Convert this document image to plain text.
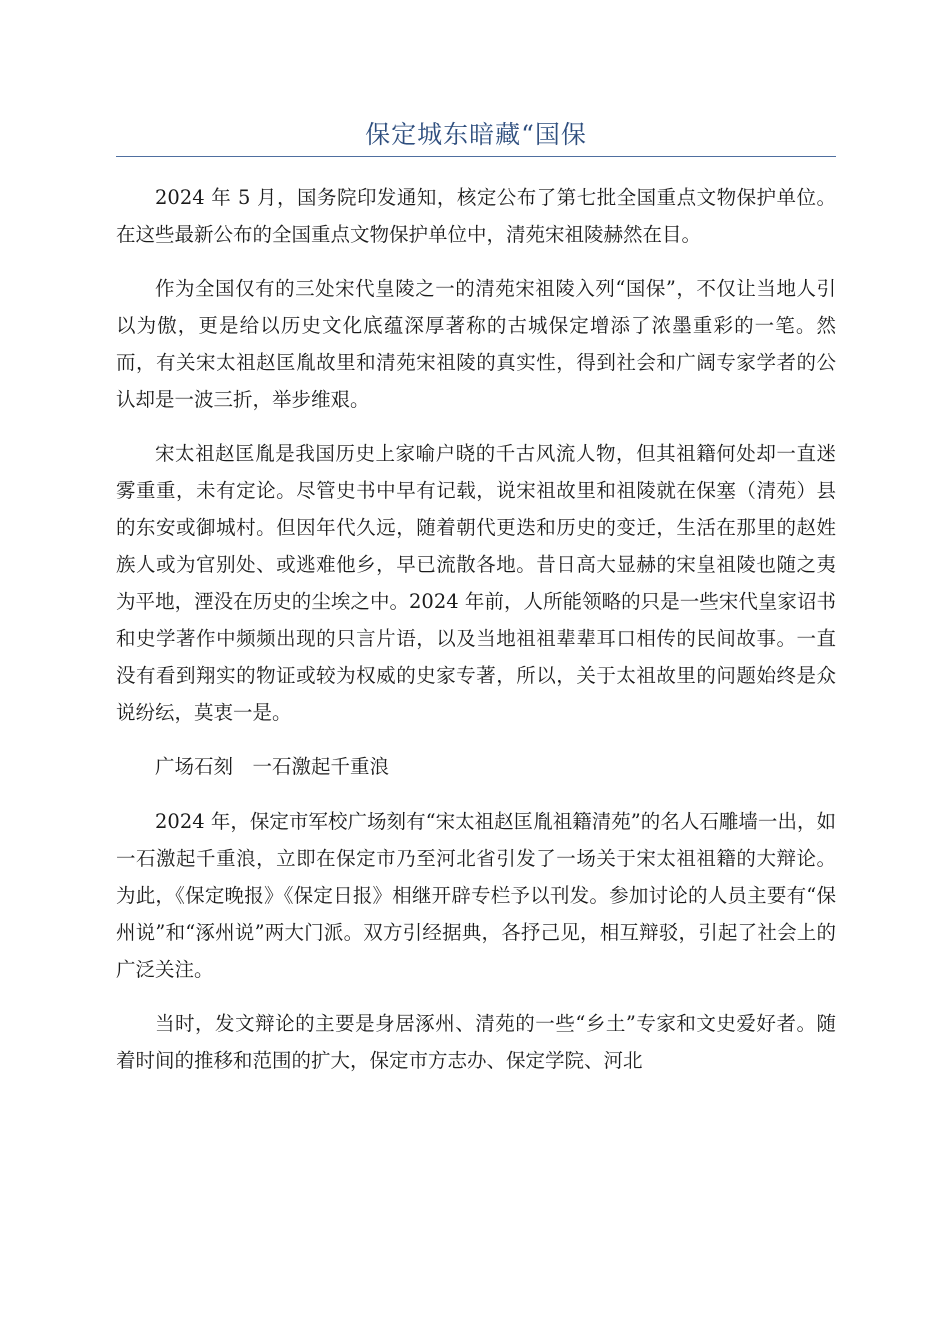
保定城东暗藏“国保

2024 年 5 月，国务院印发通知，核定公布了第七批全国重点文物保护单位。在这些最新公布的全国重点文物保护单位中，清苑宋祖陵赫然在目。

作为全国仅有的三处宋代皇陵之一的清苑宋祖陵入列“国保”，不仅让当地人引以为傲，更是给以历史文化底蕴深厚著称的古城保定增添了浓墨重彩的一笔。然而，有关宋太祖赵匡胤故里和清苑宋祖陵的真实性，得到社会和广阔专家学者的公认却是一波三折，举步维艰。

宋太祖赵匡胤是我国历史上家喻户晓的千古风流人物，但其祖籍何处却一直迷雾重重，未有定论。尽管史书中早有记载，说宋祖故里和祖陵就在保塞（清苑）县的东安或御城村。但因年代久远，随着朝代更迭和历史的变迁，生活在那里的赵姓族人或为官别处、或逃难他乡，早已流散各地。昔日高大显赫的宋皇祖陵也随之夷为平地，湮没在历史的尘埃之中。2024 年前，人所能领略的只是一些宋代皇家诏书和史学著作中频频出现的只言片语，以及当地祖祖辈辈耳口相传的民间故事。一直没有看到翔实的物证或较为权威的史家专著，所以，关于太祖故里的问题始终是众说纷纭，莫衷一是。

广场石刻　一石激起千重浪

2024 年，保定市军校广场刻有“宋太祖赵匡胤祖籍清苑”的名人石雕墙一出，如一石激起千重浪，立即在保定市乃至河北省引发了一场关于宋太祖祖籍的大辩论。为此，《保定晚报》《保定日报》相继开辟专栏予以刊发。参加讨论的人员主要有“保州说”和“涿州说”两大门派。双方引经据典，各抒己见，相互辩驳，引起了社会上的广泛关注。

当时，发文辩论的主要是身居涿州、清苑的一些“乡土”专家和文史爱好者。随着时间的推移和范围的扩大，保定市方志办、保定学院、河北
